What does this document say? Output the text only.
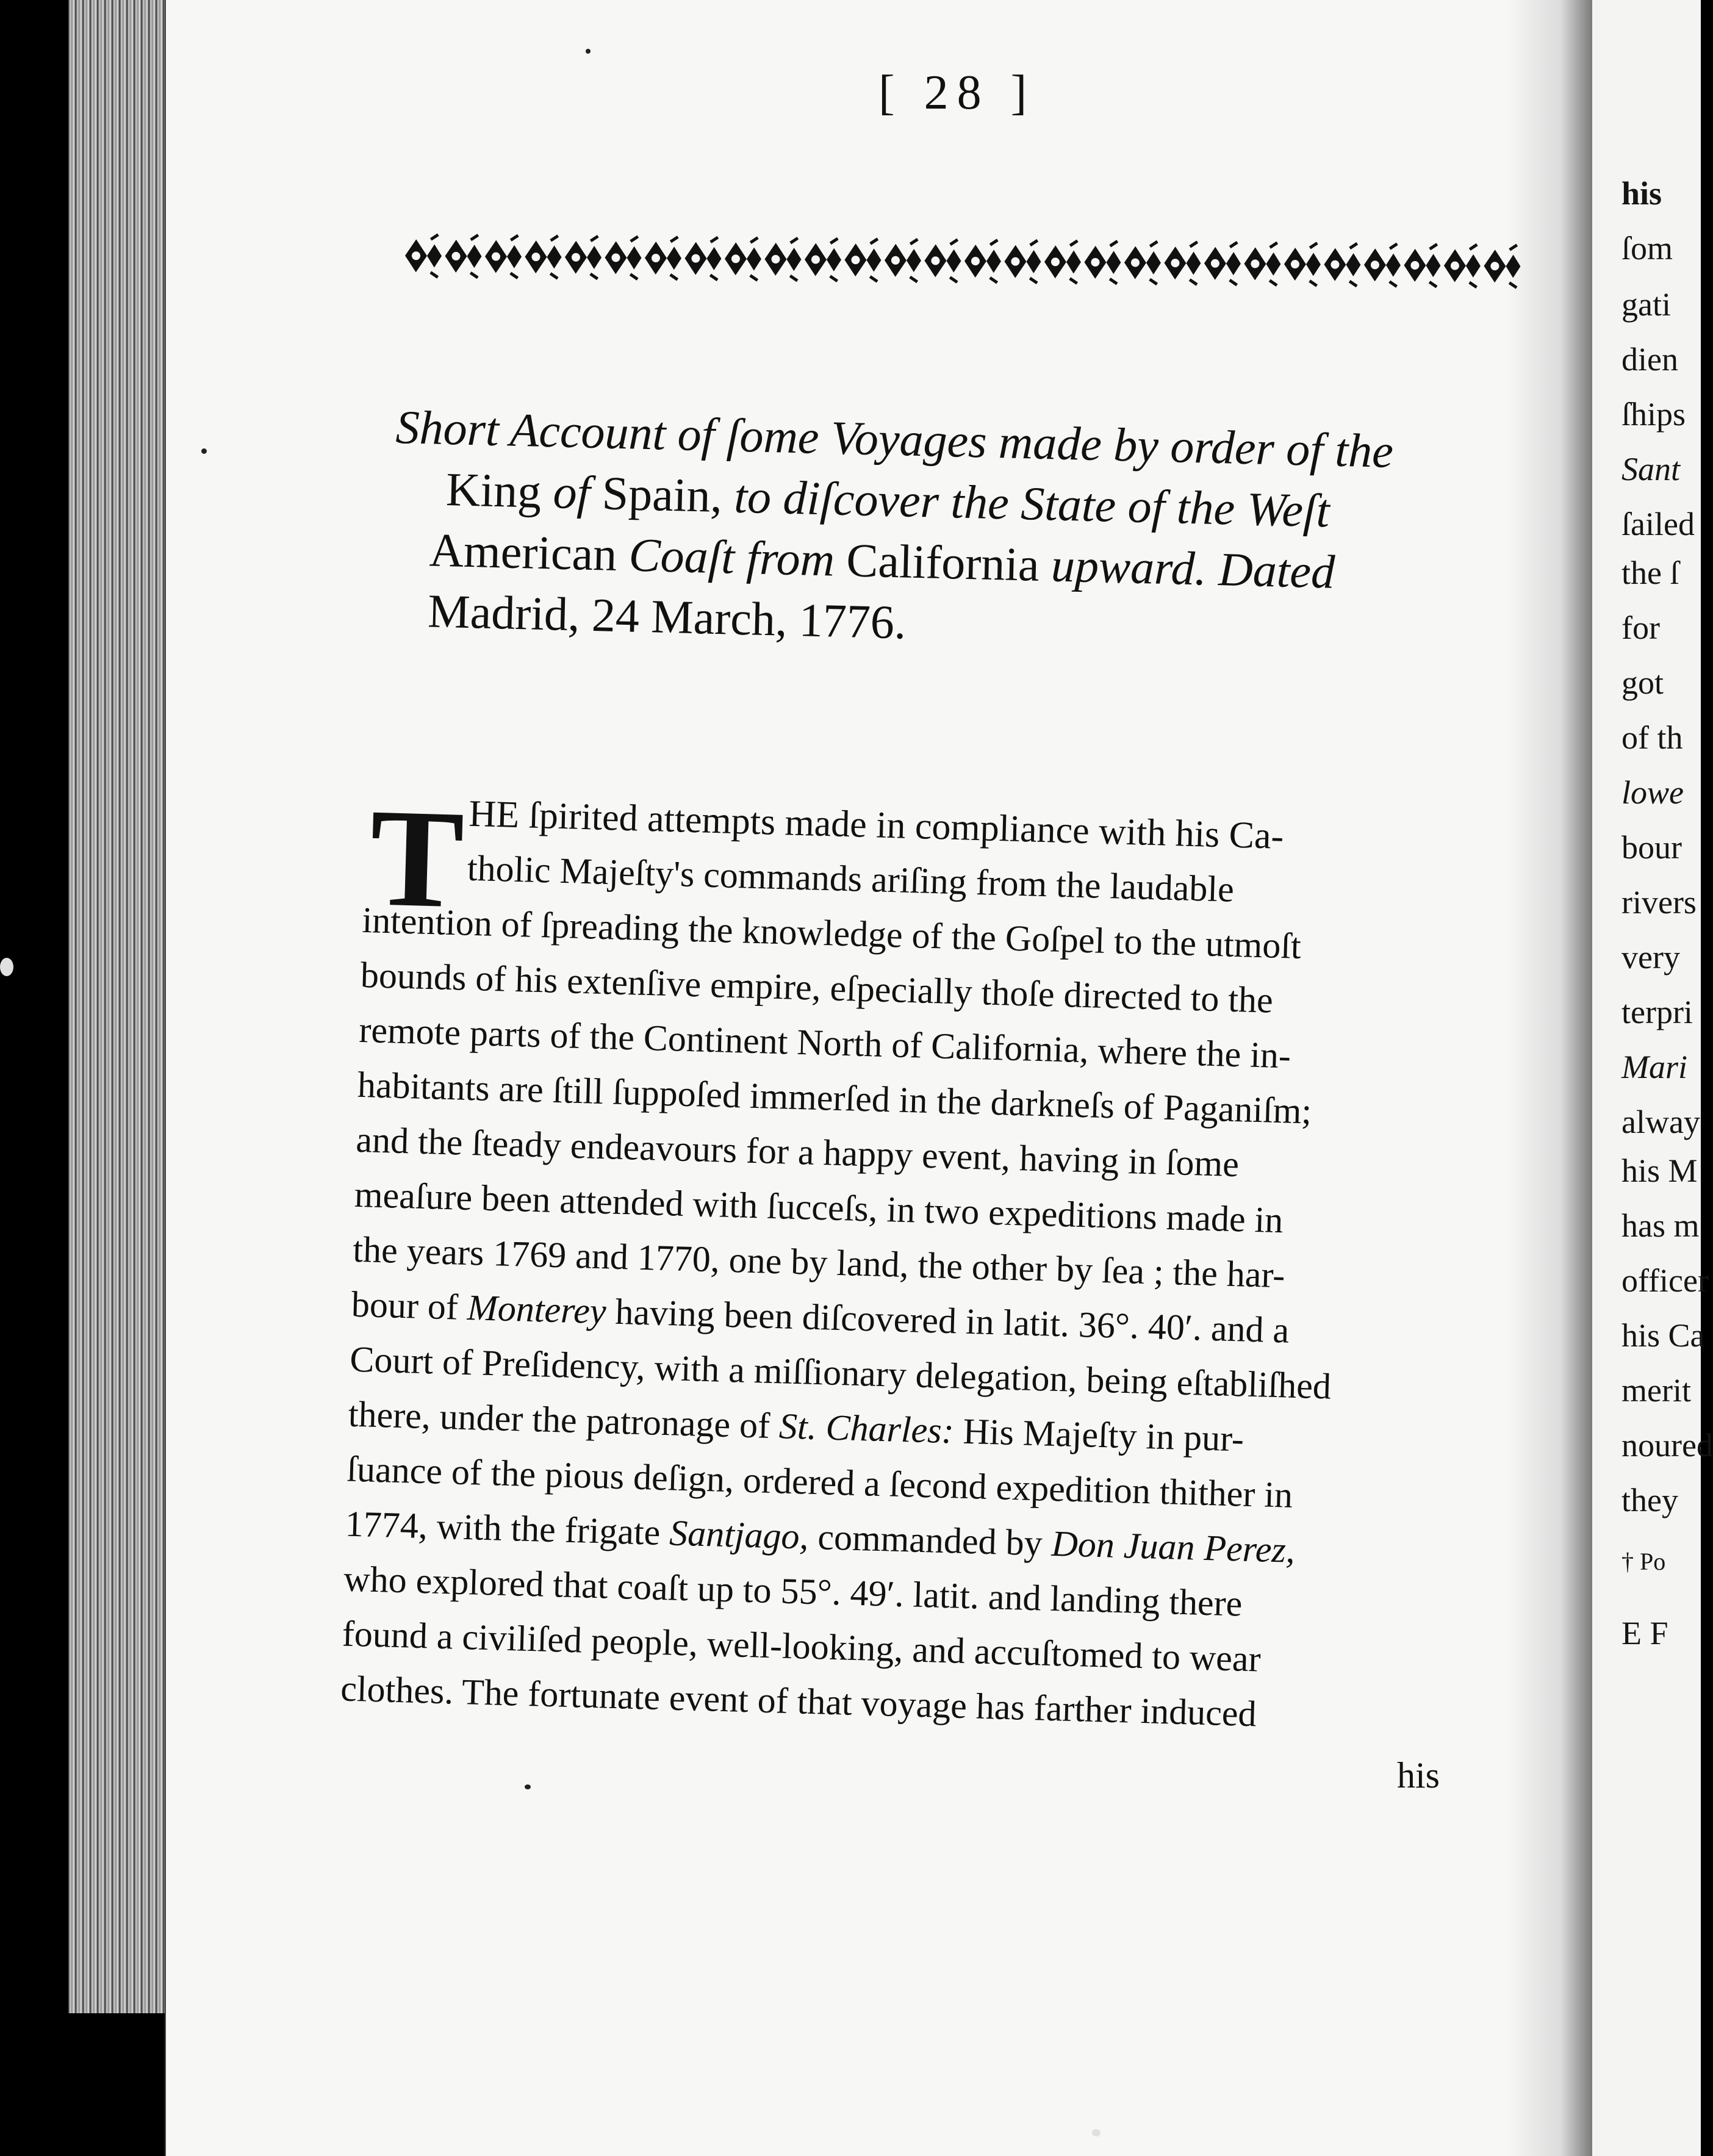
his
ſom
gati
dien
ſhips
Sant
ſailed
the ſ
for
got
of th
lowe
bour
rivers
very
terpri
Mari
alway
his M
has m
officer
his Ca
merit
noured
they
† Po
E F
[ 28 ]
Short Account of ſome Voyages made by order of the
King of Spain, to diſcover the State of the Weſt
American Coaſt from California upward. Dated
Madrid, 24 March, 1776.
T HE ſpirited attempts made in compliance with his Ca-
tholic Majeſty's commands ariſing from the laudable
intention of ſpreading the knowledge of the Goſpel to the utmoſt
bounds of his extenſive empire, eſpecially thoſe directed to the
remote parts of the Continent North of California, where the in-
habitants are ſtill ſuppoſed immerſed in the darkneſs of Paganiſm;
and the ſteady endeavours for a happy event, having in ſome
meaſure been attended with ſucceſs, in two expeditions made in
the years 1769 and 1770, one by land, the other by ſea ; the har-
bour of Monterey having been diſcovered in latit. 36°. 40′. and a
Court of Preſidency, with a miſſionary delegation, being eſtabliſhed
there, under the patronage of St. Charles: His Majeſty in pur-
ſuance of the pious deſign, ordered a ſecond expedition thither in
1774, with the frigate Santjago, commanded by Don Juan Perez,
who explored that coaſt up to 55°. 49′. latit. and landing there
found a civiliſed people, well-looking, and accuſtomed to wear
clothes. The fortunate event of that voyage has farther induced
his
